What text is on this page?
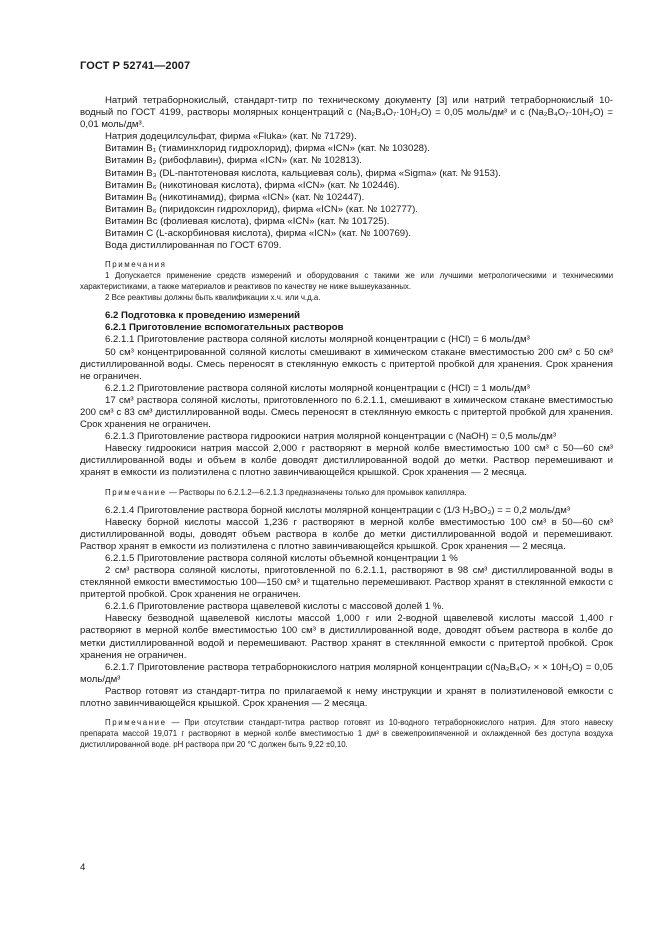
ГОСТ Р 52741—2007

Натрий тетраборнокислый, стандарт-титр по техническому документу [3] или натрий тетраборнокислый 10-водный по ГОСТ 4199, растворы молярных концентраций c (Na₂B₄O₇·10H₂O) = 0,05 моль/дм³ и c (Na₂B₄O₇·10H₂O) = 0,01 моль/дм³.

Натрия додецилсульфат, фирма «Fluka» (кат. № 71729).

Витамин B₁ (тиаминхлорид гидрохлорид), фирма «ICN» (кат. № 103028).

Витамин B₂ (рибофлавин), фирма «ICN» (кат. № 102813).

Витамин B₃ (DL-пантотеновая кислота, кальциевая соль), фирма «Sigma» (кат. № 9153).

Витамин B₆ (никотиновая кислота), фирма «ICN» (кат. № 102446).

Витамин B₆ (никотинамид), фирма «ICN» (кат. № 102447).

Витамин B₆ (пиридоксин гидрохлорид), фирма «ICN» (кат. № 102777).

Витамин Bс (фолиевая кислота), фирма «ICN» (кат. № 101725).

Витамин С (L-аскорбиновая кислота), фирма «ICN» (кат. № 100769).

Вода дистиллированная по ГОСТ 6709.

Примечания

1 Допускается применение средств измерений и оборудования с такими же или лучшими метрологическими и техническими характеристиками, а также материалов и реактивов по качеству не ниже вышеуказанных.

2 Все реактивы должны быть квалификации х.ч. или ч.д.а.

6.2 Подготовка к проведению измерений

6.2.1 Приготовление вспомогательных растворов

6.2.1.1 Приготовление раствора соляной кислоты молярной концентрации c (HCl) = 6 моль/дм³

50 см³ концентрированной соляной кислоты смешивают в химическом стакане вместимостью 200 см³ с 50 см³ дистиллированной воды. Смесь переносят в стеклянную емкость с притертой пробкой для хранения. Срок хранения не ограничен.

6.2.1.2 Приготовление раствора соляной кислоты молярной концентрации c (HCl) = 1 моль/дм³

17 см³ раствора соляной кислоты, приготовленного по 6.2.1.1, смешивают в химическом стакане вместимостью 200 см³ с 83 см³ дистиллированной воды. Смесь переносят в стеклянную емкость с притертой пробкой для хранения. Срок хранения не ограничен.

6.2.1.3 Приготовление раствора гидроокиси натрия молярной концентрации c (NaOH) = 0,5 моль/дм³

Навеску гидроокиси натрия массой 2,000 г растворяют в мерной колбе вместимостью 100 см³ с 50—60 см³ дистиллированной воды и объем в колбе доводят дистиллированной водой до метки. Раствор перемешивают и хранят в емкости из полиэтилена с плотно завинчивающейся крышкой. Срок хранения — 2 месяца.

Примечание — Растворы по 6.2.1.2—6.2.1.3 предназначены только для промывок капилляра.

6.2.1.4 Приготовление раствора борной кислоты молярной концентрации c (1/3 H₃BO₃) = = 0,2 моль/дм³

Навеску борной кислоты массой 1,236 г растворяют в мерной колбе вместимостью 100 см³ в 50—60 см³ дистиллированной воды, доводят объем раствора в колбе до метки дистиллированной водой и перемешивают. Раствор хранят в емкости из полиэтилена с плотно завинчивающейся крышкой. Срок хранения — 2 месяца.

6.2.1.5 Приготовление раствора соляной кислоты объемной концентрации 1 %

2 см³ раствора соляной кислоты, приготовленной по 6.2.1.1, растворяют в 98 см³ дистиллированной воды в стеклянной емкости вместимостью 100—150 см³ и тщательно перемешивают. Раствор хранят в стеклянной емкости с притертой пробкой. Срок хранения не ограничен.

6.2.1.6 Приготовление раствора щавелевой кислоты с массовой долей 1 %.

Навеску безводной щавелевой кислоты массой 1,000 г или 2-водной щавелевой кислоты массой 1,400 г растворяют в мерной колбе вместимостью 100 см³ в дистиллированной воде, доводят объем раствора в колбе до метки дистиллированной водой и перемешивают. Раствор хранят в стеклянной емкости с притертой пробкой. Срок хранения не ограничен.

6.2.1.7 Приготовление раствора тетраборнокислого натрия молярной концентрации c(Na₂B₄O₇ × × 10H₂O) = 0,05 моль/дм³

Раствор готовят из стандарт-титра по прилагаемой к нему инструкции и хранят в полиэтиленовой емкости с плотно завинчивающейся крышкой. Срок хранения — 2 месяца.

Примечание — При отсутствии стандарт-титра раствор готовят из 10-водного тетраборнокислого натрия. Для этого навеску препарата массой 19,071 г растворяют в мерной колбе вместимостью 1 дм³ в свежепрокипяченной и охлажденной без доступа воздуха дистиллированной воде. pH раствора при 20 °С должен быть 9,22 ±0,10.

4
